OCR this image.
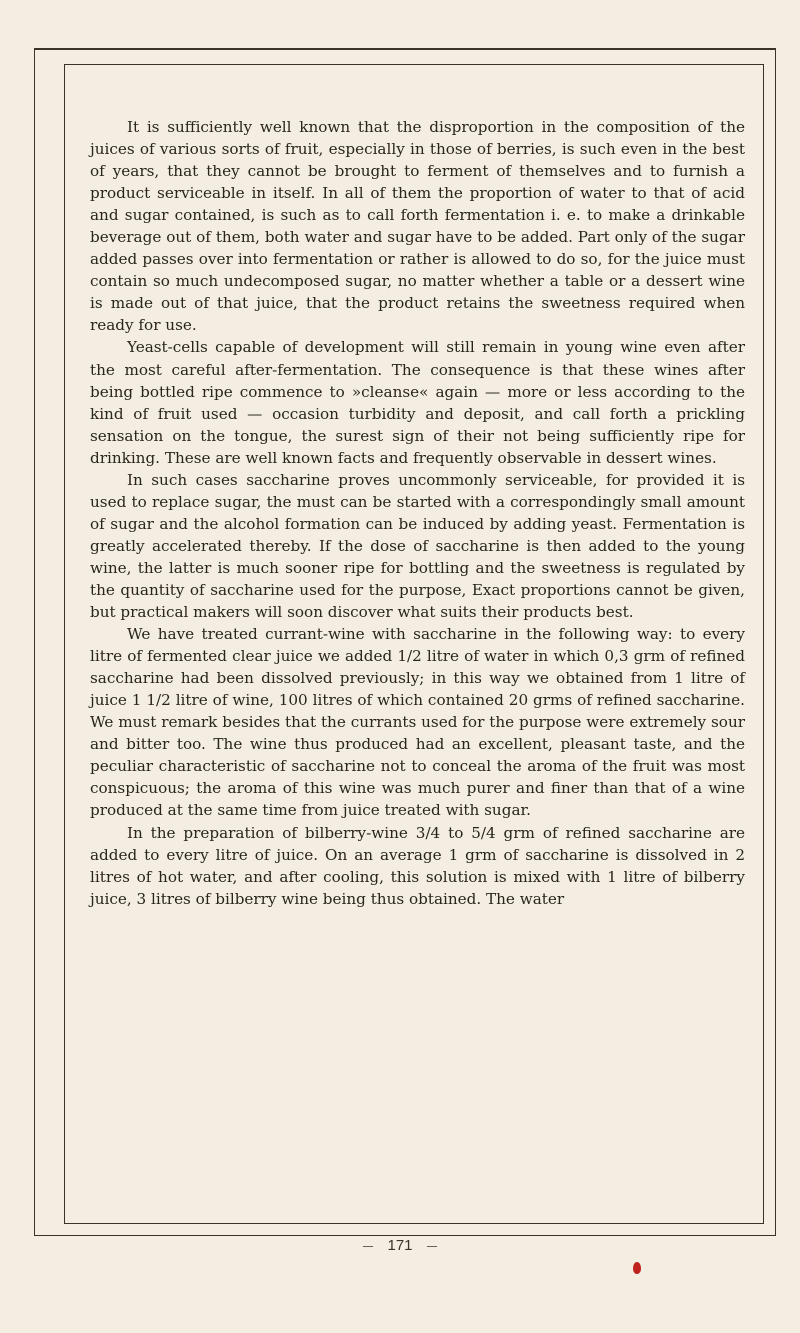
It is sufficiently well known that the disproportion in the composition of the juices of various sorts of fruit, especially in those of berries, is such even in the best of years, that they cannot be brought to ferment of themselves and to furnish a product serviceable in itself. In all of them the proportion of water to that of acid and sugar contained, is such as to call forth fermentation i. e. to make a drinkable beverage out of them, both water and sugar have to be added. Part only of the sugar added passes over into fermentation or rather is allowed to do so, for the juice must contain so much undecomposed sugar, no matter whether a table or a dessert wine is made out of that juice, that the product retains the sweetness required when ready for use.

Yeast-cells capable of development will still remain in young wine even after the most careful after-fermentation. The consequence is that these wines after being bottled ripe commence to »cleanse« again — more or less according to the kind of fruit used — occasion turbidity and deposit, and call forth a prickling sensation on the tongue, the surest sign of their not being sufficiently ripe for drinking. These are well known facts and frequently observable in dessert wines.

In such cases saccharine proves uncommonly serviceable, for provided it is used to replace sugar, the must can be started with a correspondingly small amount of sugar and the alcohol formation can be induced by adding yeast. Fermentation is greatly accelerated thereby. If the dose of saccharine is then added to the young wine, the latter is much sooner ripe for bottling and the sweetness is regulated by the quantity of saccharine used for the purpose, Exact proportions cannot be given, but practical makers will soon discover what suits their products best.

We have treated currant-wine with saccharine in the following way: to every litre of fermented clear juice we added 1/2 litre of water in which 0,3 grm of refined saccharine had been dissolved previously; in this way we obtained from 1 litre of juice 1 1/2 litre of wine, 100 litres of which contained 20 grms of refined saccharine. We must remark besides that the currants used for the purpose were extremely sour and bitter too. The wine thus produced had an excellent, pleasant taste, and the peculiar characteristic of saccharine not to conceal the aroma of the fruit was most conspicuous; the aroma of this wine was much purer and finer than that of a wine produced at the same time from juice treated with sugar.

In the preparation of bilberry-wine 3/4 to 5/4 grm of refined saccharine are added to every litre of juice. On an average 1 grm of saccharine is dissolved in 2 litres of hot water, and after cooling, this solution is mixed with 1 litre of bilberry juice, 3 litres of bilberry wine being thus obtained. The water

171
